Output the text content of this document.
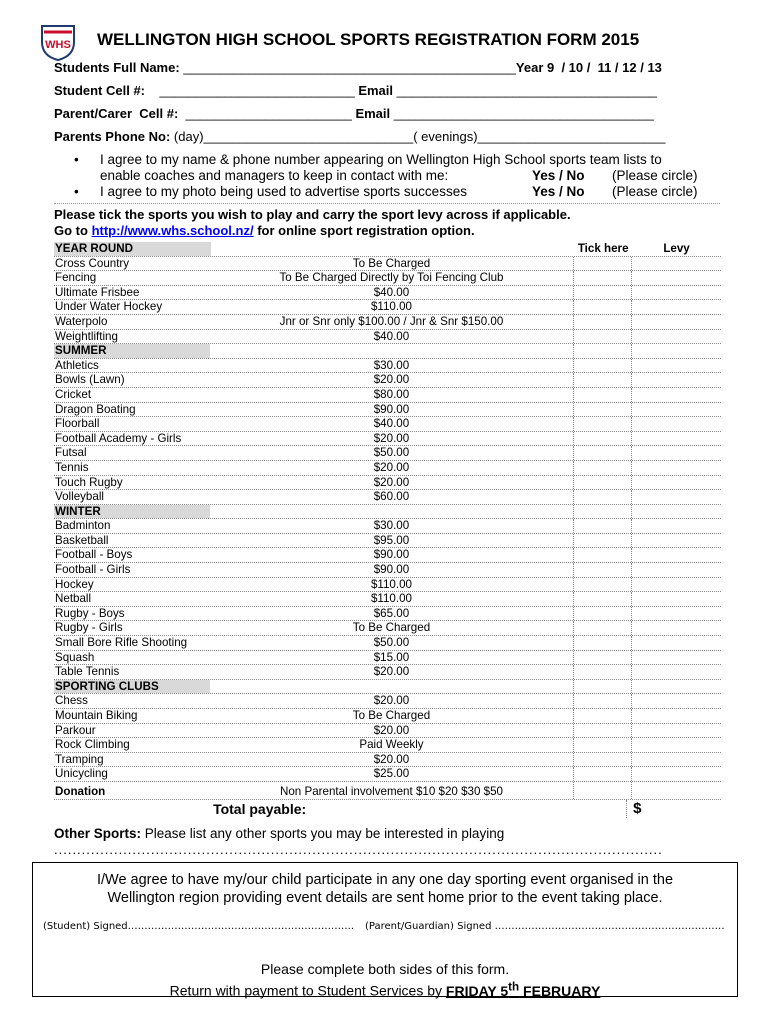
WHS WELLINGTON HIGH SCHOOL SPORTS REGISTRATION FORM 2015
Students Full Name: ______________________________________________Year 9  / 10 /  11 / 12 / 13
Student Cell #: ___________________________ Email ____________________________________
Parent/Carer  Cell #: _______________________ Email ____________________________________
Parents Phone No: (day)_____________________________( evenings)__________________________
•	I agree to my name & phone number appearing on Wellington High School sports team lists to
enable coaches and managers to keep in contact with me:	Yes / No	(Please circle)
•	I agree to my photo being used to advertise sports successes	Yes / No	(Please circle)
Please tick the sports you wish to play and carry the sport levy across if applicable.
Go to http://www.whs.school.nz/ for online sport registration option.
YEAR ROUND	Tick here	Levy
Cross Country	To Be Charged
Fencing	To Be Charged Directly by Toi Fencing Club
Ultimate Frisbee	$40.00
Under Water Hockey	$110.00
Waterpolo	Jnr or Snr only $100.00 / Jnr & Snr $150.00
Weightlifting	$40.00
SUMMER
Athletics	$30.00
Bowls (Lawn)	$20.00
Cricket	$80.00
Dragon Boating	$90.00
Floorball	$40.00
Football Academy - Girls	$20.00
Futsal	$50.00
Tennis	$20.00
Touch Rugby	$20.00
Volleyball	$60.00
WINTER
Badminton	$30.00
Basketball	$95.00
Football - Boys	$90.00
Football - Girls	$90.00
Hockey	$110.00
Netball	$110.00
Rugby - Boys	$65.00
Rugby - Girls	To Be Charged
Small Bore Rifle Shooting	$50.00
Squash	$15.00
Table Tennis	$20.00
SPORTING CLUBS
Chess	$20.00
Mountain Biking	To Be Charged
Parkour	$20.00
Rock Climbing	Paid Weekly
Tramping	$20.00
Unicycling	$25.00
Donation	Non Parental involvement $10 $20 $30 $50
Total payable:	$
Other Sports: Please list any other sports you may be interested in playing
....................................................................................................................................
I/We agree to have my/our child participate in any one day sporting event organised in the
Wellington region providing event details are sent home prior to the event taking place.
(Student) Signed………………………………………………………….. (Parent/Guardian) Signed ……………………………………………………………
Please complete both sides of this form.
Return with payment to Student Services by FRIDAY 5th FEBRUARY
